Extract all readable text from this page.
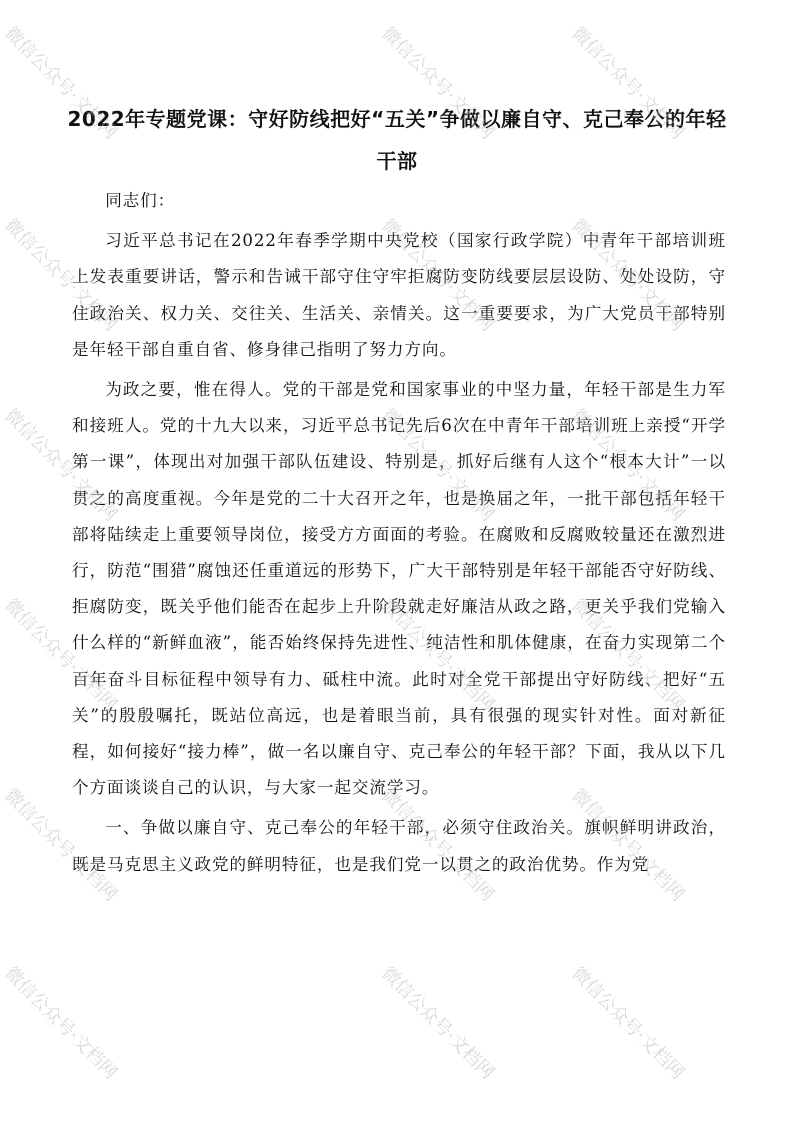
2022年专题党课：守好防线把好“五关”争做以廉自守、克己奉公的年轻干部

同志们：

习近平总书记在2022年春季学期中央党校（国家行政学院）中青年干部培训班上发表重要讲话，警示和告诫干部守住守牢拒腐防变防线要层层设防、处处设防，守住政治关、权力关、交往关、生活关、亲情关。这一重要要求，为广大党员干部特别是年轻干部自重自省、修身律己指明了努力方向。

为政之要，惟在得人。党的干部是党和国家事业的中坚力量，年轻干部是生力军和接班人。党的十九大以来，习近平总书记先后6次在中青年干部培训班上亲授“开学第一课”，体现出对加强干部队伍建设、特别是，抓好后继有人这个“根本大计”一以贯之的高度重视。今年是党的二十大召开之年，也是换届之年，一批干部包括年轻干部将陆续走上重要领导岗位，接受方方面面的考验。在腐败和反腐败较量还在激烈进行，防范“围猎”腐蚀还任重道远的形势下，广大干部特别是年轻干部能否守好防线、拒腐防变，既关乎他们能否在起步上升阶段就走好廉洁从政之路，更关乎我们党输入什么样的“新鲜血液”，能否始终保持先进性、纯洁性和肌体健康，在奋力实现第二个百年奋斗目标征程中领导有力、砥柱中流。此时对全党干部提出守好防线、把好“五关”的殷殷嘱托，既站位高远，也是着眼当前，具有很强的现实针对性。面对新征程，如何接好“接力棒”，做一名以廉自守、克己奉公的年轻干部？下面，我从以下几个方面谈谈自己的认识，与大家一起交流学习。

一、争做以廉自守、克己奉公的年轻干部，必须守住政治关。旗帜鲜明讲政治，既是马克思主义政党的鲜明特征，也是我们党一以贯之的政治优势。作为党

微信公众号·文档网	微信公众号·文档网	微信公众号·文档网
微信公众号·文档网	微信公众号·文档网	微信公众号·文档网
微信公众号·文档网	微信公众号·文档网	微信公众号·文档网
微信公众号·文档网	微信公众号·文档网	微信公众号·文档网
微信公众号·文档网	微信公众号·文档网	微信公众号·文档网
微信公众号·文档网	微信公众号·文档网	微信公众号·文档网
